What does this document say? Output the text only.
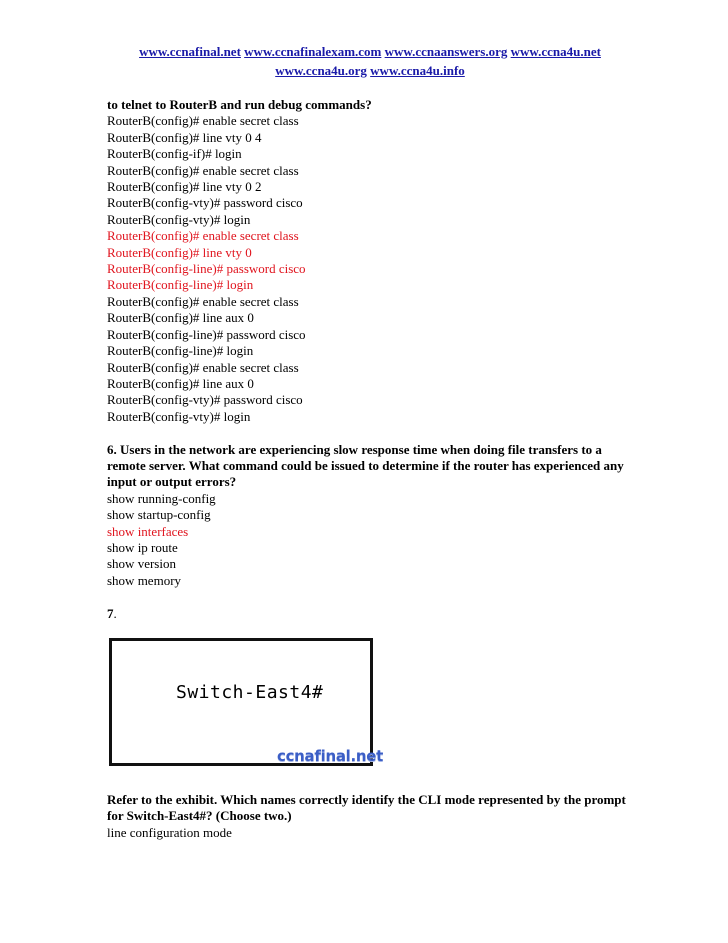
www.ccnafinal.net www.ccnafinalexam.com www.ccnaanswers.org www.ccna4u.net
www.ccna4u.org www.ccna4u.info
to telnet to RouterB and run debug commands?
RouterB(config)# enable secret class
RouterB(config)# line vty 0 4
RouterB(config-if)# login
RouterB(config)# enable secret class
RouterB(config)# line vty 0 2
RouterB(config-vty)# password cisco
RouterB(config-vty)# login
RouterB(config)# enable secret class
RouterB(config)# line vty 0
RouterB(config-line)# password cisco
RouterB(config-line)# login
RouterB(config)# enable secret class
RouterB(config)# line aux 0
RouterB(config-line)# password cisco
RouterB(config-line)# login
RouterB(config)# enable secret class
RouterB(config)# line aux 0
RouterB(config-vty)# password cisco
RouterB(config-vty)# login
6. Users in the network are experiencing slow response time when doing file transfers to a remote server. What command could be issued to determine if the router has experienced any input or output errors?
show running-config
show startup-config
show interfaces
show ip route
show version
show memory
7.
Switch-East4#
ccnafinal.net
Refer to the exhibit. Which names correctly identify the CLI mode represented by the prompt for Switch-East4#? (Choose two.)
line configuration mode
